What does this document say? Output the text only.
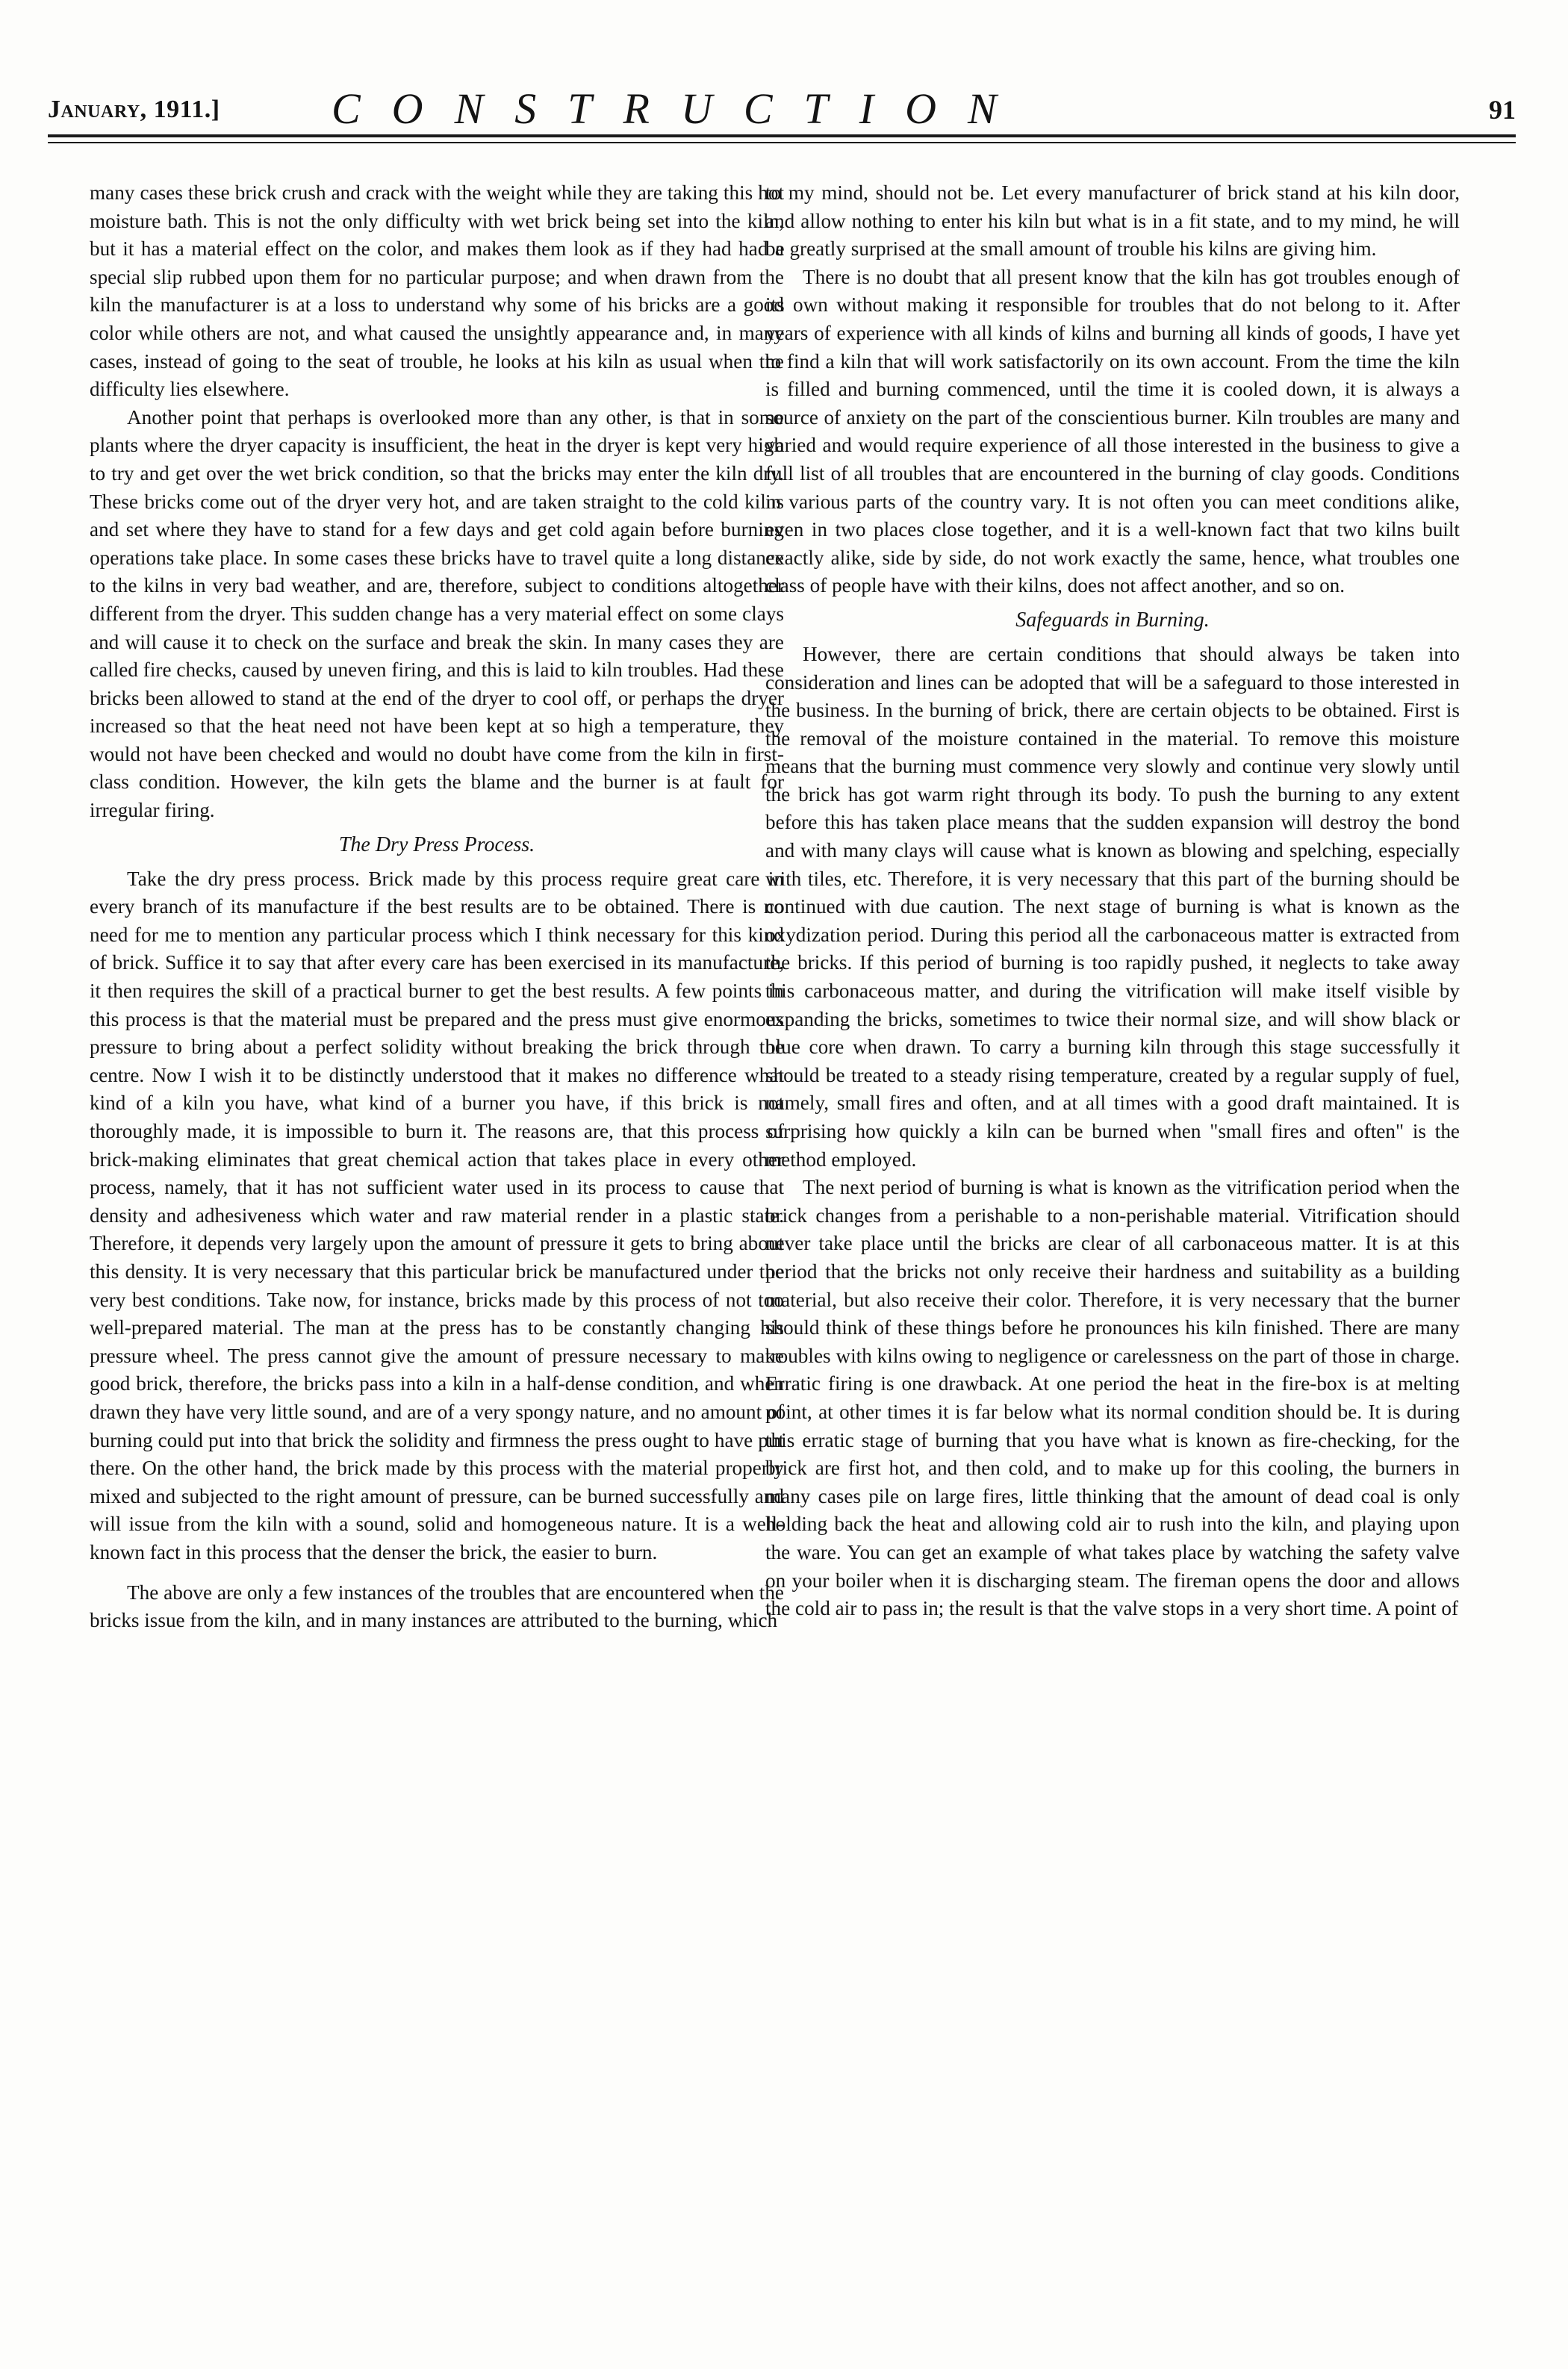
January, 1911.]	CONSTRUCTION	91

many cases these brick crush and crack with the weight while they are taking this hot moisture bath. This is not the only difficulty with wet brick being set into the kiln, but it has a material effect on the color, and makes them look as if they had had a special slip rubbed upon them for no particular purpose; and when drawn from the kiln the manufacturer is at a loss to understand why some of his bricks are a good color while others are not, and what caused the unsightly appearance and, in many cases, instead of going to the seat of trouble, he looks at his kiln as usual when the difficulty lies elsewhere.

Another point that perhaps is overlooked more than any other, is that in some plants where the dryer capacity is insufficient, the heat in the dryer is kept very high to try and get over the wet brick condition, so that the bricks may enter the kiln dry. These bricks come out of the dryer very hot, and are taken straight to the cold kilns and set where they have to stand for a few days and get cold again before burning operations take place. In some cases these bricks have to travel quite a long distance to the kilns in very bad weather, and are, therefore, subject to conditions altogether different from the dryer. This sudden change has a very material effect on some clays and will cause it to check on the surface and break the skin. In many cases they are called fire checks, caused by uneven firing, and this is laid to kiln troubles. Had these bricks been allowed to stand at the end of the dryer to cool off, or perhaps the dryer increased so that the heat need not have been kept at so high a temperature, they would not have been checked and would no doubt have come from the kiln in first-class condition. However, the kiln gets the blame and the burner is at fault for irregular firing.

The Dry Press Process.

Take the dry press process. Brick made by this process require great care in every branch of its manufacture if the best results are to be obtained. There is no need for me to mention any particular process which I think necessary for this kind of brick. Suffice it to say that after every care has been exercised in its manufacture, it then requires the skill of a practical burner to get the best results. A few points in this process is that the material must be prepared and the press must give enormous pressure to bring about a perfect solidity without breaking the brick through the centre. Now I wish it to be distinctly understood that it makes no difference what kind of a kiln you have, what kind of a burner you have, if this brick is not thoroughly made, it is impossible to burn it. The reasons are, that this process of brick-making eliminates that great chemical action that takes place in every other process, namely, that it has not sufficient water used in its process to cause that density and adhesiveness which water and raw material render in a plastic state. Therefore, it depends very largely upon the amount of pressure it gets to bring about this density. It is very necessary that this particular brick be manufactured under the very best conditions. Take now, for instance, bricks made by this process of not too well-prepared material. The man at the press has to be constantly changing his pressure wheel. The press cannot give the amount of pressure necessary to make good brick, therefore, the bricks pass into a kiln in a half-dense condition, and when drawn they have very little sound, and are of a very spongy nature, and no amount of burning could put into that brick the solidity and firmness the press ought to have put there. On the other hand, the brick made by this process with the material properly mixed and subjected to the right amount of pressure, can be burned successfully and will issue from the kiln with a sound, solid and homogeneous nature. It is a well-known fact in this process that the denser the brick, the easier to burn.

The above are only a few instances of the troubles that are encountered when the bricks issue from the kiln, and in many instances are attributed to the burning, which

to my mind, should not be. Let every manufacturer of brick stand at his kiln door, and allow nothing to enter his kiln but what is in a fit state, and to my mind, he will be greatly surprised at the small amount of trouble his kilns are giving him.

There is no doubt that all present know that the kiln has got troubles enough of its own without making it responsible for troubles that do not belong to it. After years of experience with all kinds of kilns and burning all kinds of goods, I have yet to find a kiln that will work satisfactorily on its own account. From the time the kiln is filled and burning commenced, until the time it is cooled down, it is always a source of anxiety on the part of the conscientious burner. Kiln troubles are many and varied and would require experience of all those interested in the business to give a full list of all troubles that are encountered in the burning of clay goods. Conditions in various parts of the country vary. It is not often you can meet conditions alike, even in two places close together, and it is a well-known fact that two kilns built exactly alike, side by side, do not work exactly the same, hence, what troubles one class of people have with their kilns, does not affect another, and so on.

Safeguards in Burning.

However, there are certain conditions that should always be taken into consideration and lines can be adopted that will be a safeguard to those interested in the business. In the burning of brick, there are certain objects to be obtained. First is the removal of the moisture contained in the material. To remove this moisture means that the burning must commence very slowly and continue very slowly until the brick has got warm right through its body. To push the burning to any extent before this has taken place means that the sudden expansion will destroy the bond and with many clays will cause what is known as blowing and spelching, especially with tiles, etc. Therefore, it is very necessary that this part of the burning should be continued with due caution. The next stage of burning is what is known as the oxydization period. During this period all the carbonaceous matter is extracted from the bricks. If this period of burning is too rapidly pushed, it neglects to take away this carbonaceous matter, and during the vitrification will make itself visible by expanding the bricks, sometimes to twice their normal size, and will show black or blue core when drawn. To carry a burning kiln through this stage successfully it should be treated to a steady rising temperature, created by a regular supply of fuel, namely, small fires and often, and at all times with a good draft maintained. It is surprising how quickly a kiln can be burned when "small fires and often" is the method employed.

The next period of burning is what is known as the vitrification period when the brick changes from a perishable to a non-perishable material. Vitrification should never take place until the bricks are clear of all carbonaceous matter. It is at this period that the bricks not only receive their hardness and suitability as a building material, but also receive their color. Therefore, it is very necessary that the burner should think of these things before he pronounces his kiln finished. There are many troubles with kilns owing to negligence or carelessness on the part of those in charge. Erratic firing is one drawback. At one period the heat in the fire-box is at melting point, at other times it is far below what its normal condition should be. It is during this erratic stage of burning that you have what is known as fire-checking, for the brick are first hot, and then cold, and to make up for this cooling, the burners in many cases pile on large fires, little thinking that the amount of dead coal is only holding back the heat and allowing cold air to rush into the kiln, and playing upon the ware. You can get an example of what takes place by watching the safety valve on your boiler when it is discharging steam. The fireman opens the door and allows the cold air to pass in; the result is that the valve stops in a very short time. A point of
